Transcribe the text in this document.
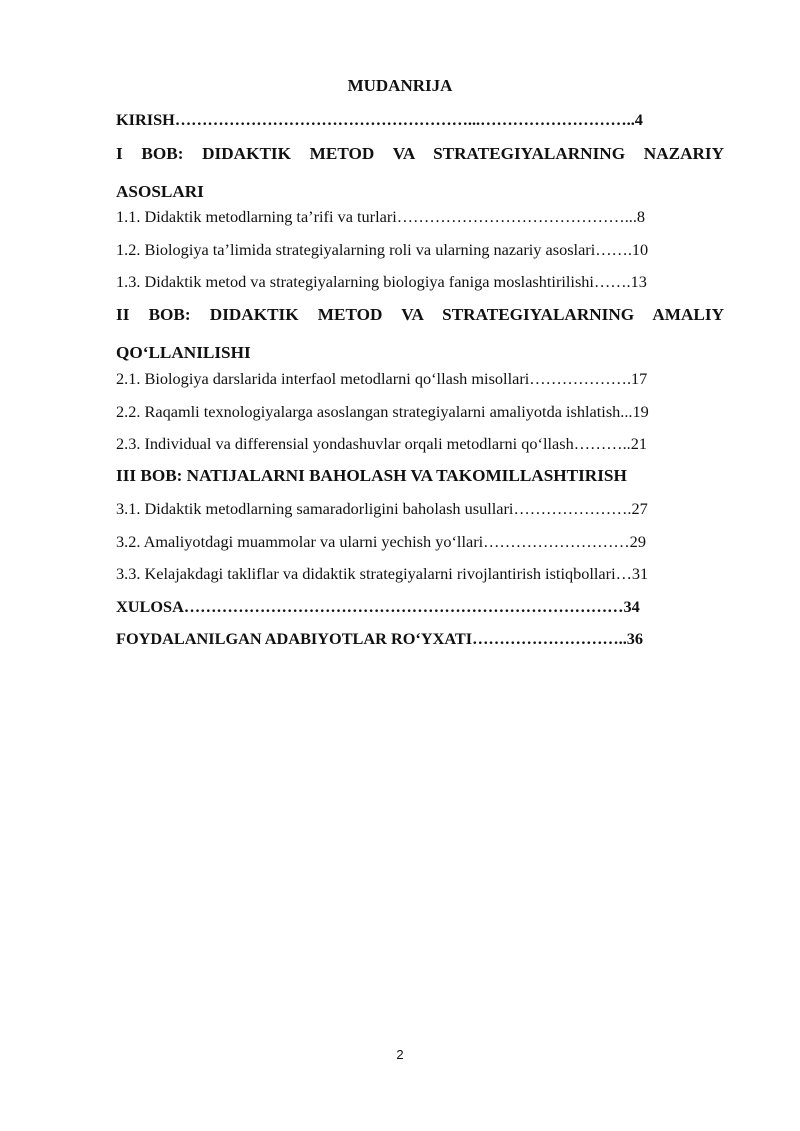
MUDANRIJA
KIRISH………………………………………………...………………………..4
I BOB: DIDAKTIK METOD VA STRATEGIYALARNING NAZARIY
ASOSLARI
1.1. Didaktik metodlarning ta’rifi va turlari……………………………………...8
1.2. Biologiya ta’limida strategiyalarning roli va ularning nazariy asoslari…….10
1.3. Didaktik metod va strategiyalarning biologiya faniga moslashtirilishi…….13
II BOB: DIDAKTIK METOD VA STRATEGIYALARNING AMALIY
QO‘LLANILISHI
2.1. Biologiya darslarida interfaol metodlarni qo‘llash misollari……………….17
2.2. Raqamli texnologiyalarga asoslangan strategiyalarni amaliyotda ishlatish...19
2.3. Individual va differensial yondashuvlar orqali metodlarni qo‘llash………..21
III BOB: NATIJALARNI BAHOLASH VA TAKOMILLASHTIRISH
3.1. Didaktik metodlarning samaradorligini baholash usullari………………….27
3.2. Amaliyotdagi muammolar va ularni yechish yo‘llari………………………29
3.3. Kelajakdagi takliflar va didaktik strategiyalarni rivojlantirish istiqbollari…31
XULOSA………………………………………………………………………34
FOYDALANILGAN ADABIYOTLAR RO‘YXATI………………………..36
2
